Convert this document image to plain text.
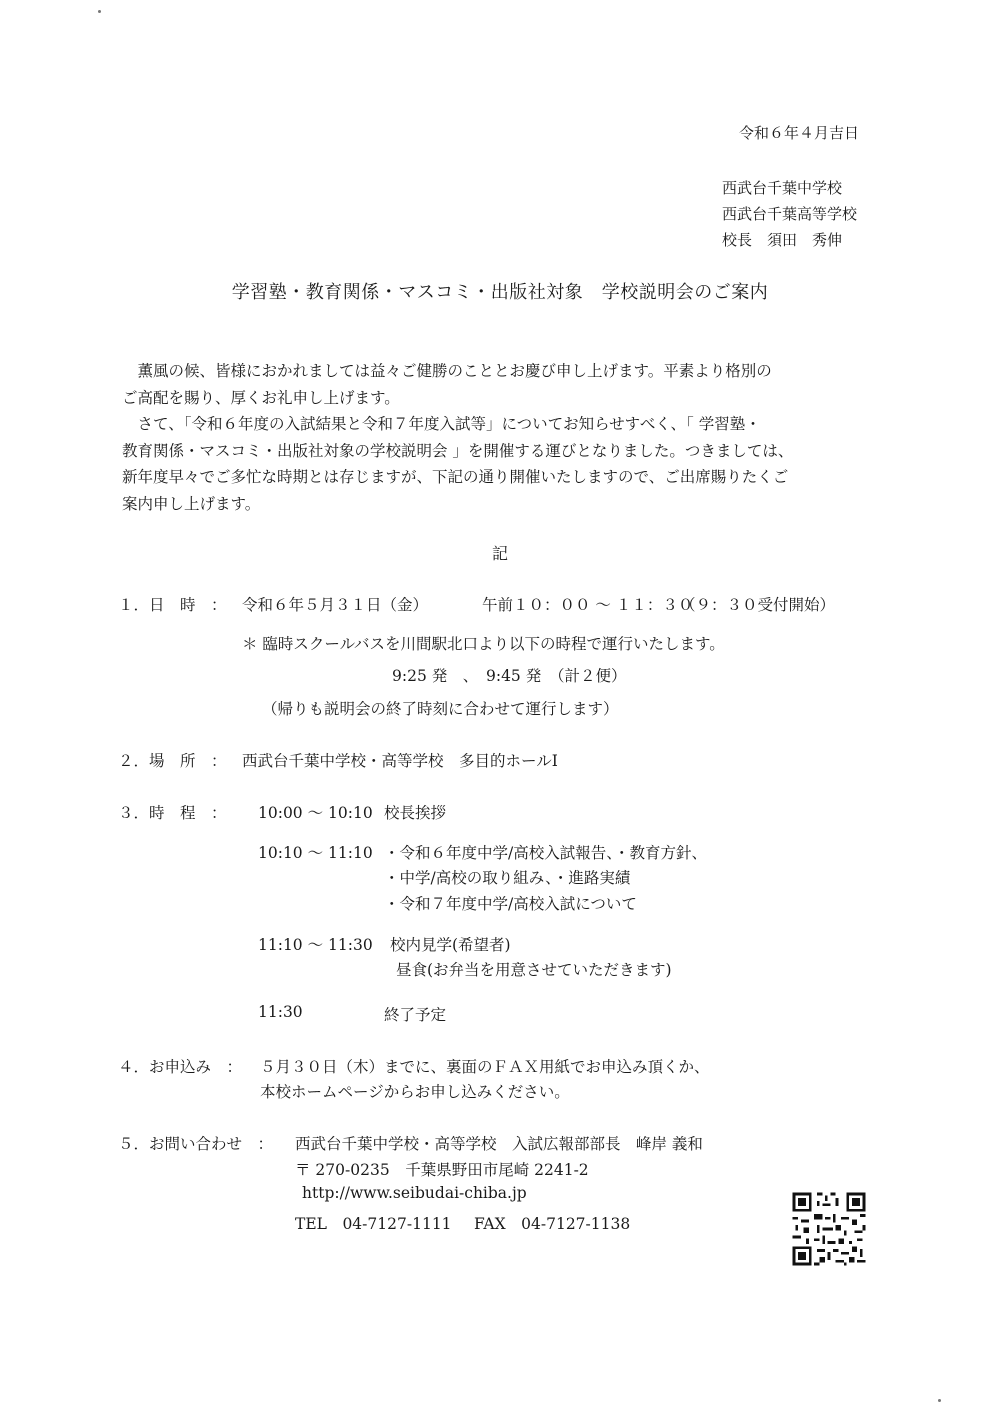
令和６年４月吉日
西武台千葉中学校
西武台千葉高等学校
校長　須田　秀伸
学習塾・教育関係・マスコミ・出版社対象　学校説明会のご案内
　薫風の候、皆様におかれましては益々ご健勝のこととお慶び申し上げます。平素より格別の
ご高配を賜り、厚くお礼申し上げます。
　さて、「令和６年度の入試結果と令和７年度入試等」についてお知らせすべく、「 学習塾・
教育関係・マスコミ・出版社対象の学校説明会 」を開催する運びとなりました。つきましては、
新年度早々でご多忙な時期とは存じますが、下記の通り開催いたしますので、ご出席賜りたくご
案内申し上げます。
記
１．日　時　： 令和６年５月３１日（金）	午前１０：００ ～ １１：３０
（９：３０受付開始）
＊ 臨時スクールバスを川間駅北口より以下の時程で運行いたします。
9:25 発　、　9:45 発　（計２便）
（帰りも説明会の終了時刻に合わせて運行します）
２．場　所　： 西武台千葉中学校・高等学校　多目的ホールⅠ
３．時　程　： 10:00 ～ 10:10 校長挨拶
10:10 ～ 11:10 ・令和６年度中学/高校入試報告、・教育方針、
・中学/高校の取り組み、・進路実績
・令和７年度中学/高校入試について
11:10 ～ 11:30 校内見学(希望者)
昼食(お弁当を用意させていただきます)
11:30	終了予定
４．お申込み　： ５月３０日（木）までに、裏面のＦＡＸ用紙でお申込み頂くか、
本校ホームページからお申し込みください。
５．お問い合わせ　： 西武台千葉中学校・高等学校　入試広報部部長　峰岸 義和
〒 270-0235　千葉県野田市尾崎 2241-2
http://www.seibudai-chiba.jp
TEL　04-7127-1111 FAX　04-7127-1138
